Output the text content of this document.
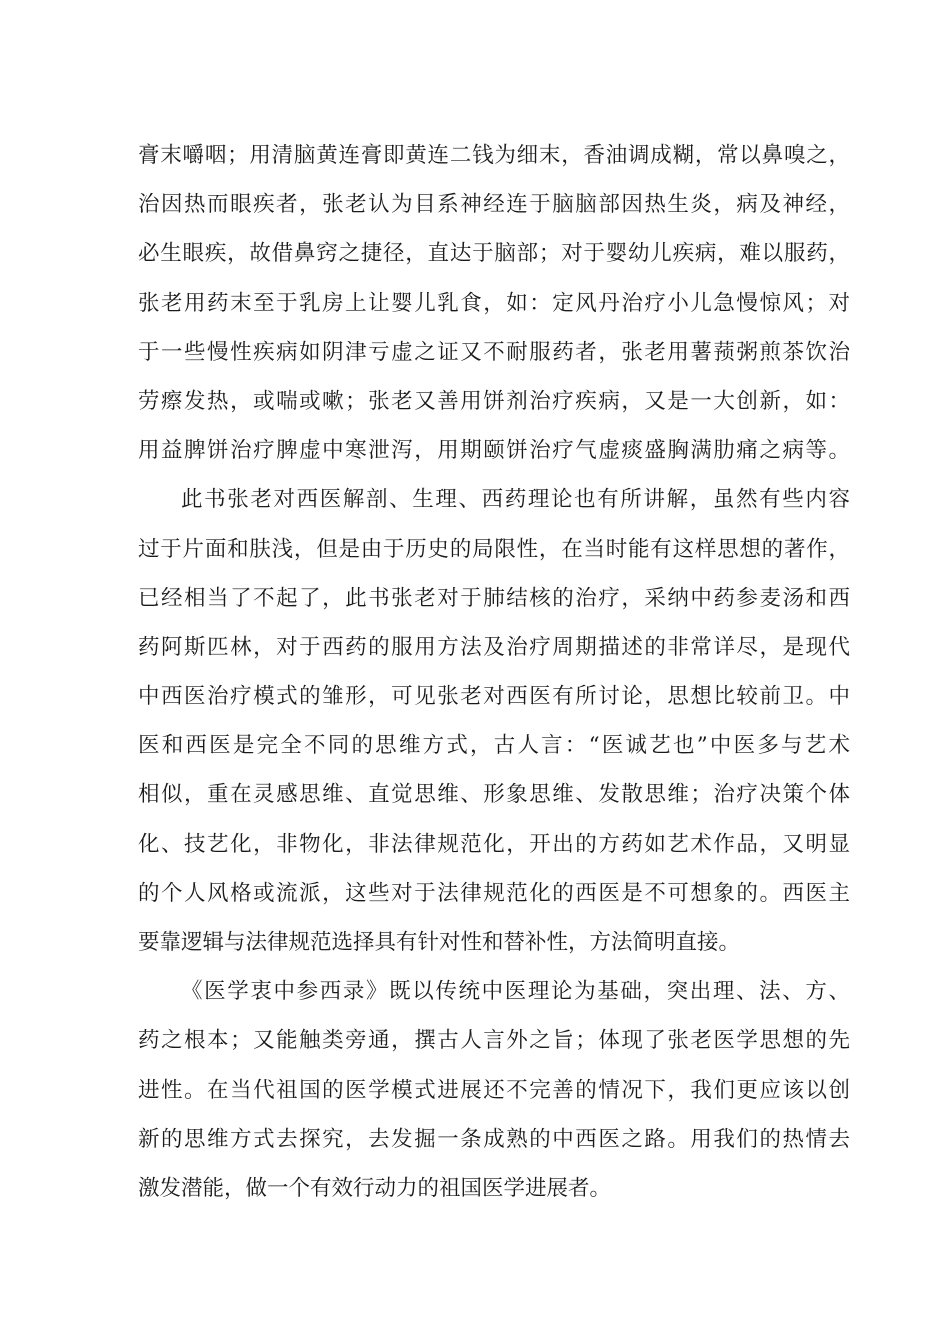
膏末嚼咽；用清脑黄连膏即黄连二钱为细末，香油调成糊，常以鼻嗅之，
治因热而眼疾者，张老认为目系神经连于脑脑部因热生炎，病及神经，
必生眼疾，故借鼻窍之捷径，直达于脑部；对于婴幼儿疾病，难以服药，
张老用药末至于乳房上让婴儿乳食，如：定风丹治疗小儿急慢惊风；对
于一些慢性疾病如阴津亏虚之证又不耐服药者，张老用薯蓣粥煎茶饮治
劳瘵发热，或喘或嗽；张老又善用饼剂治疗疾病，又是一大创新，如：
用益脾饼治疗脾虚中寒泄泻，用期颐饼治疗气虚痰盛胸满肋痛之病等。
此书张老对西医解剖、生理、西药理论也有所讲解，虽然有些内容
过于片面和肤浅，但是由于历史的局限性，在当时能有这样思想的著作，
已经相当了不起了，此书张老对于肺结核的治疗，采纳中药参麦汤和西
药阿斯匹林，对于西药的服用方法及治疗周期描述的非常详尽，是现代
中西医治疗模式的雏形，可见张老对西医有所讨论，思想比较前卫。中
医和西医是完全不同的思维方式，古人言：“医诚艺也”中医多与艺术
相似，重在灵感思维、直觉思维、形象思维、发散思维；治疗决策个体
化、技艺化，非物化，非法律规范化，开出的方药如艺术作品，又明显
的个人风格或流派，这些对于法律规范化的西医是不可想象的。西医主
要靠逻辑与法律规范选择具有针对性和替补性，方法简明直接。
《医学衷中参西录》既以传统中医理论为基础，突出理、法、方、
药之根本；又能触类旁通，撰古人言外之旨；体现了张老医学思想的先
进性。在当代祖国的医学模式进展还不完善的情况下，我们更应该以创
新的思维方式去探究，去发掘一条成熟的中西医之路。用我们的热情去
激发潜能，做一个有效行动力的祖国医学进展者。
